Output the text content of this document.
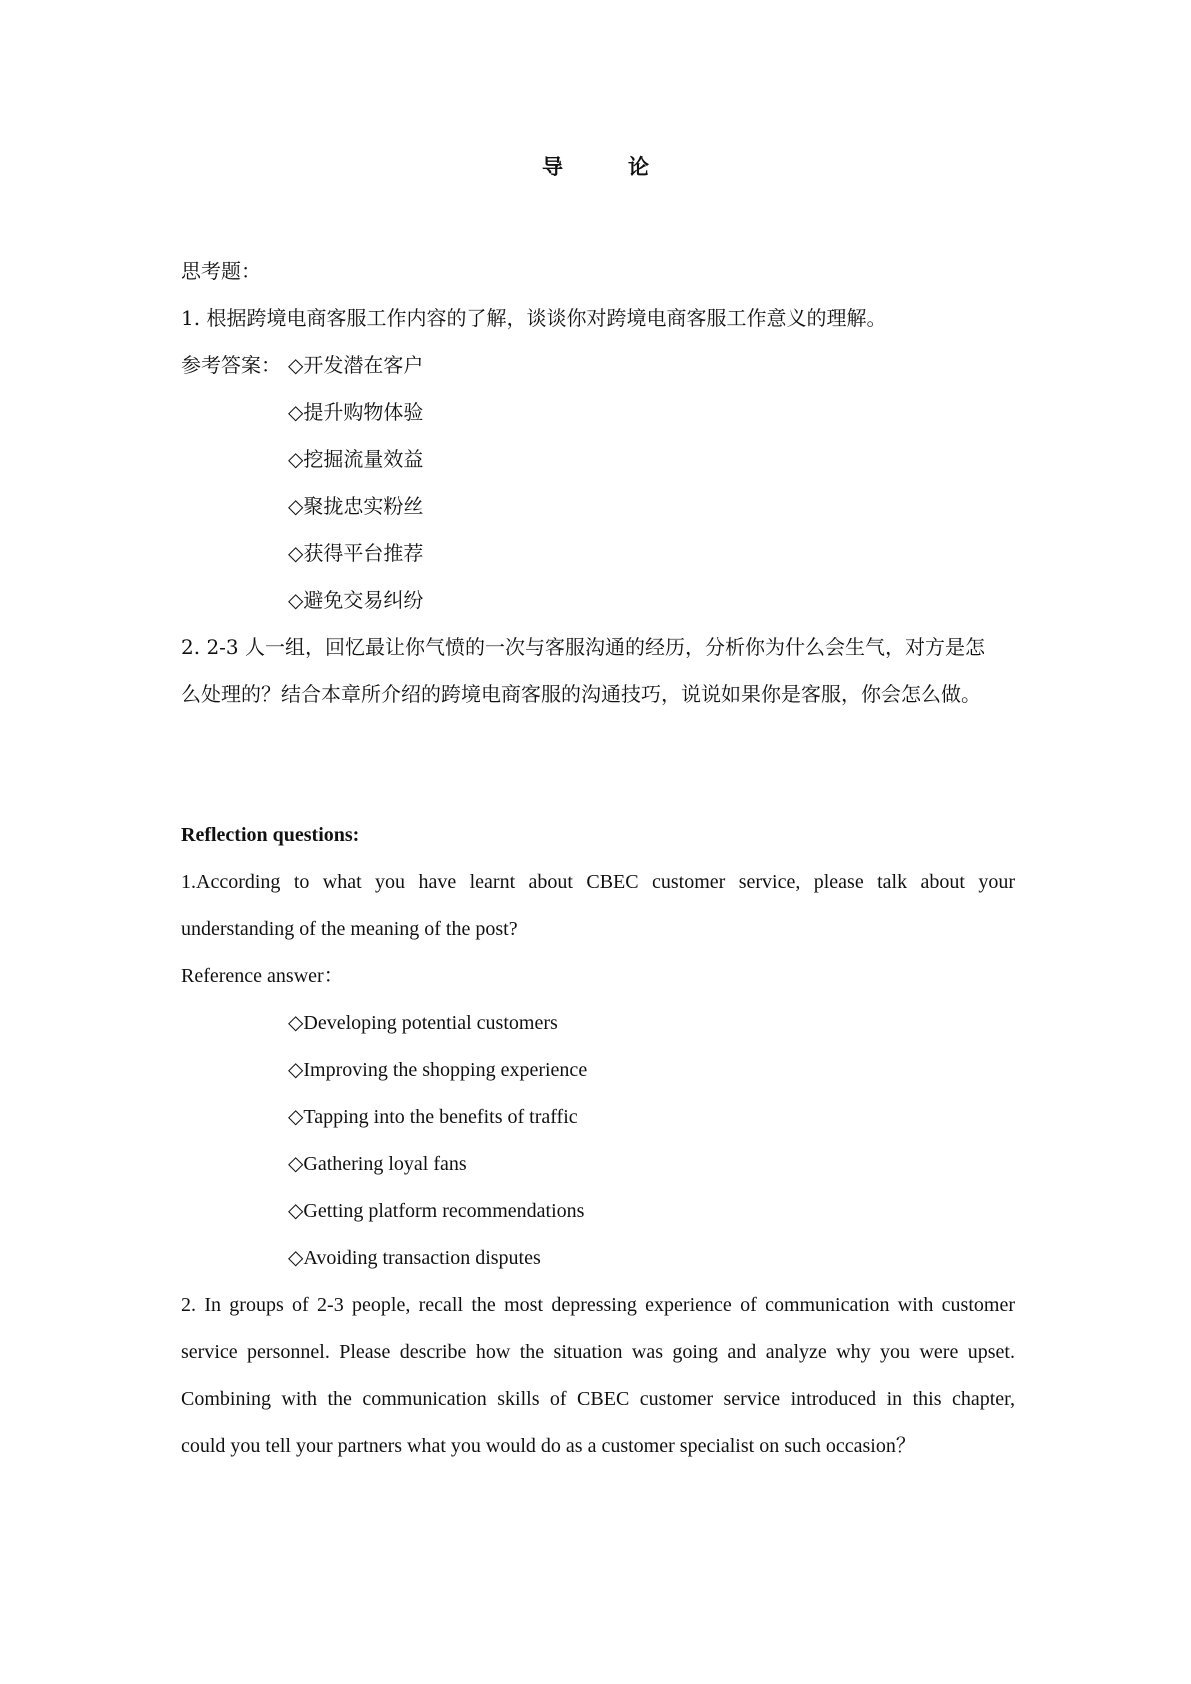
导　论

思考题：

1. 根据跨境电商客服工作内容的了解，谈谈你对跨境电商客服工作意义的理解。

参考答案： ◇开发潜在客户

◇提升购物体验

◇挖掘流量效益

◇聚拢忠实粉丝

◇获得平台推荐

◇避免交易纠纷

2. 2-3 人一组，回忆最让你气愤的一次与客服沟通的经历，分析你为什么会生气，对方是怎

么处理的？结合本章所介绍的跨境电商客服的沟通技巧，说说如果你是客服，你会怎么做。

Reflection questions:

1.According to what you have learnt about CBEC customer service, please talk about your

understanding of the meaning of the post?

Reference answer：

◇Developing potential customers

◇Improving the shopping experience

◇Tapping into the benefits of traffic

◇Gathering loyal fans

◇Getting platform recommendations

◇Avoiding transaction disputes

2. In groups of 2-3 people, recall the most depressing experience of communication with customer

service personnel. Please describe how the situation was going and analyze why you were upset.

Combining with the communication skills of CBEC customer service introduced in this chapter,

could you tell your partners what you would do as a customer specialist on such occasion？
